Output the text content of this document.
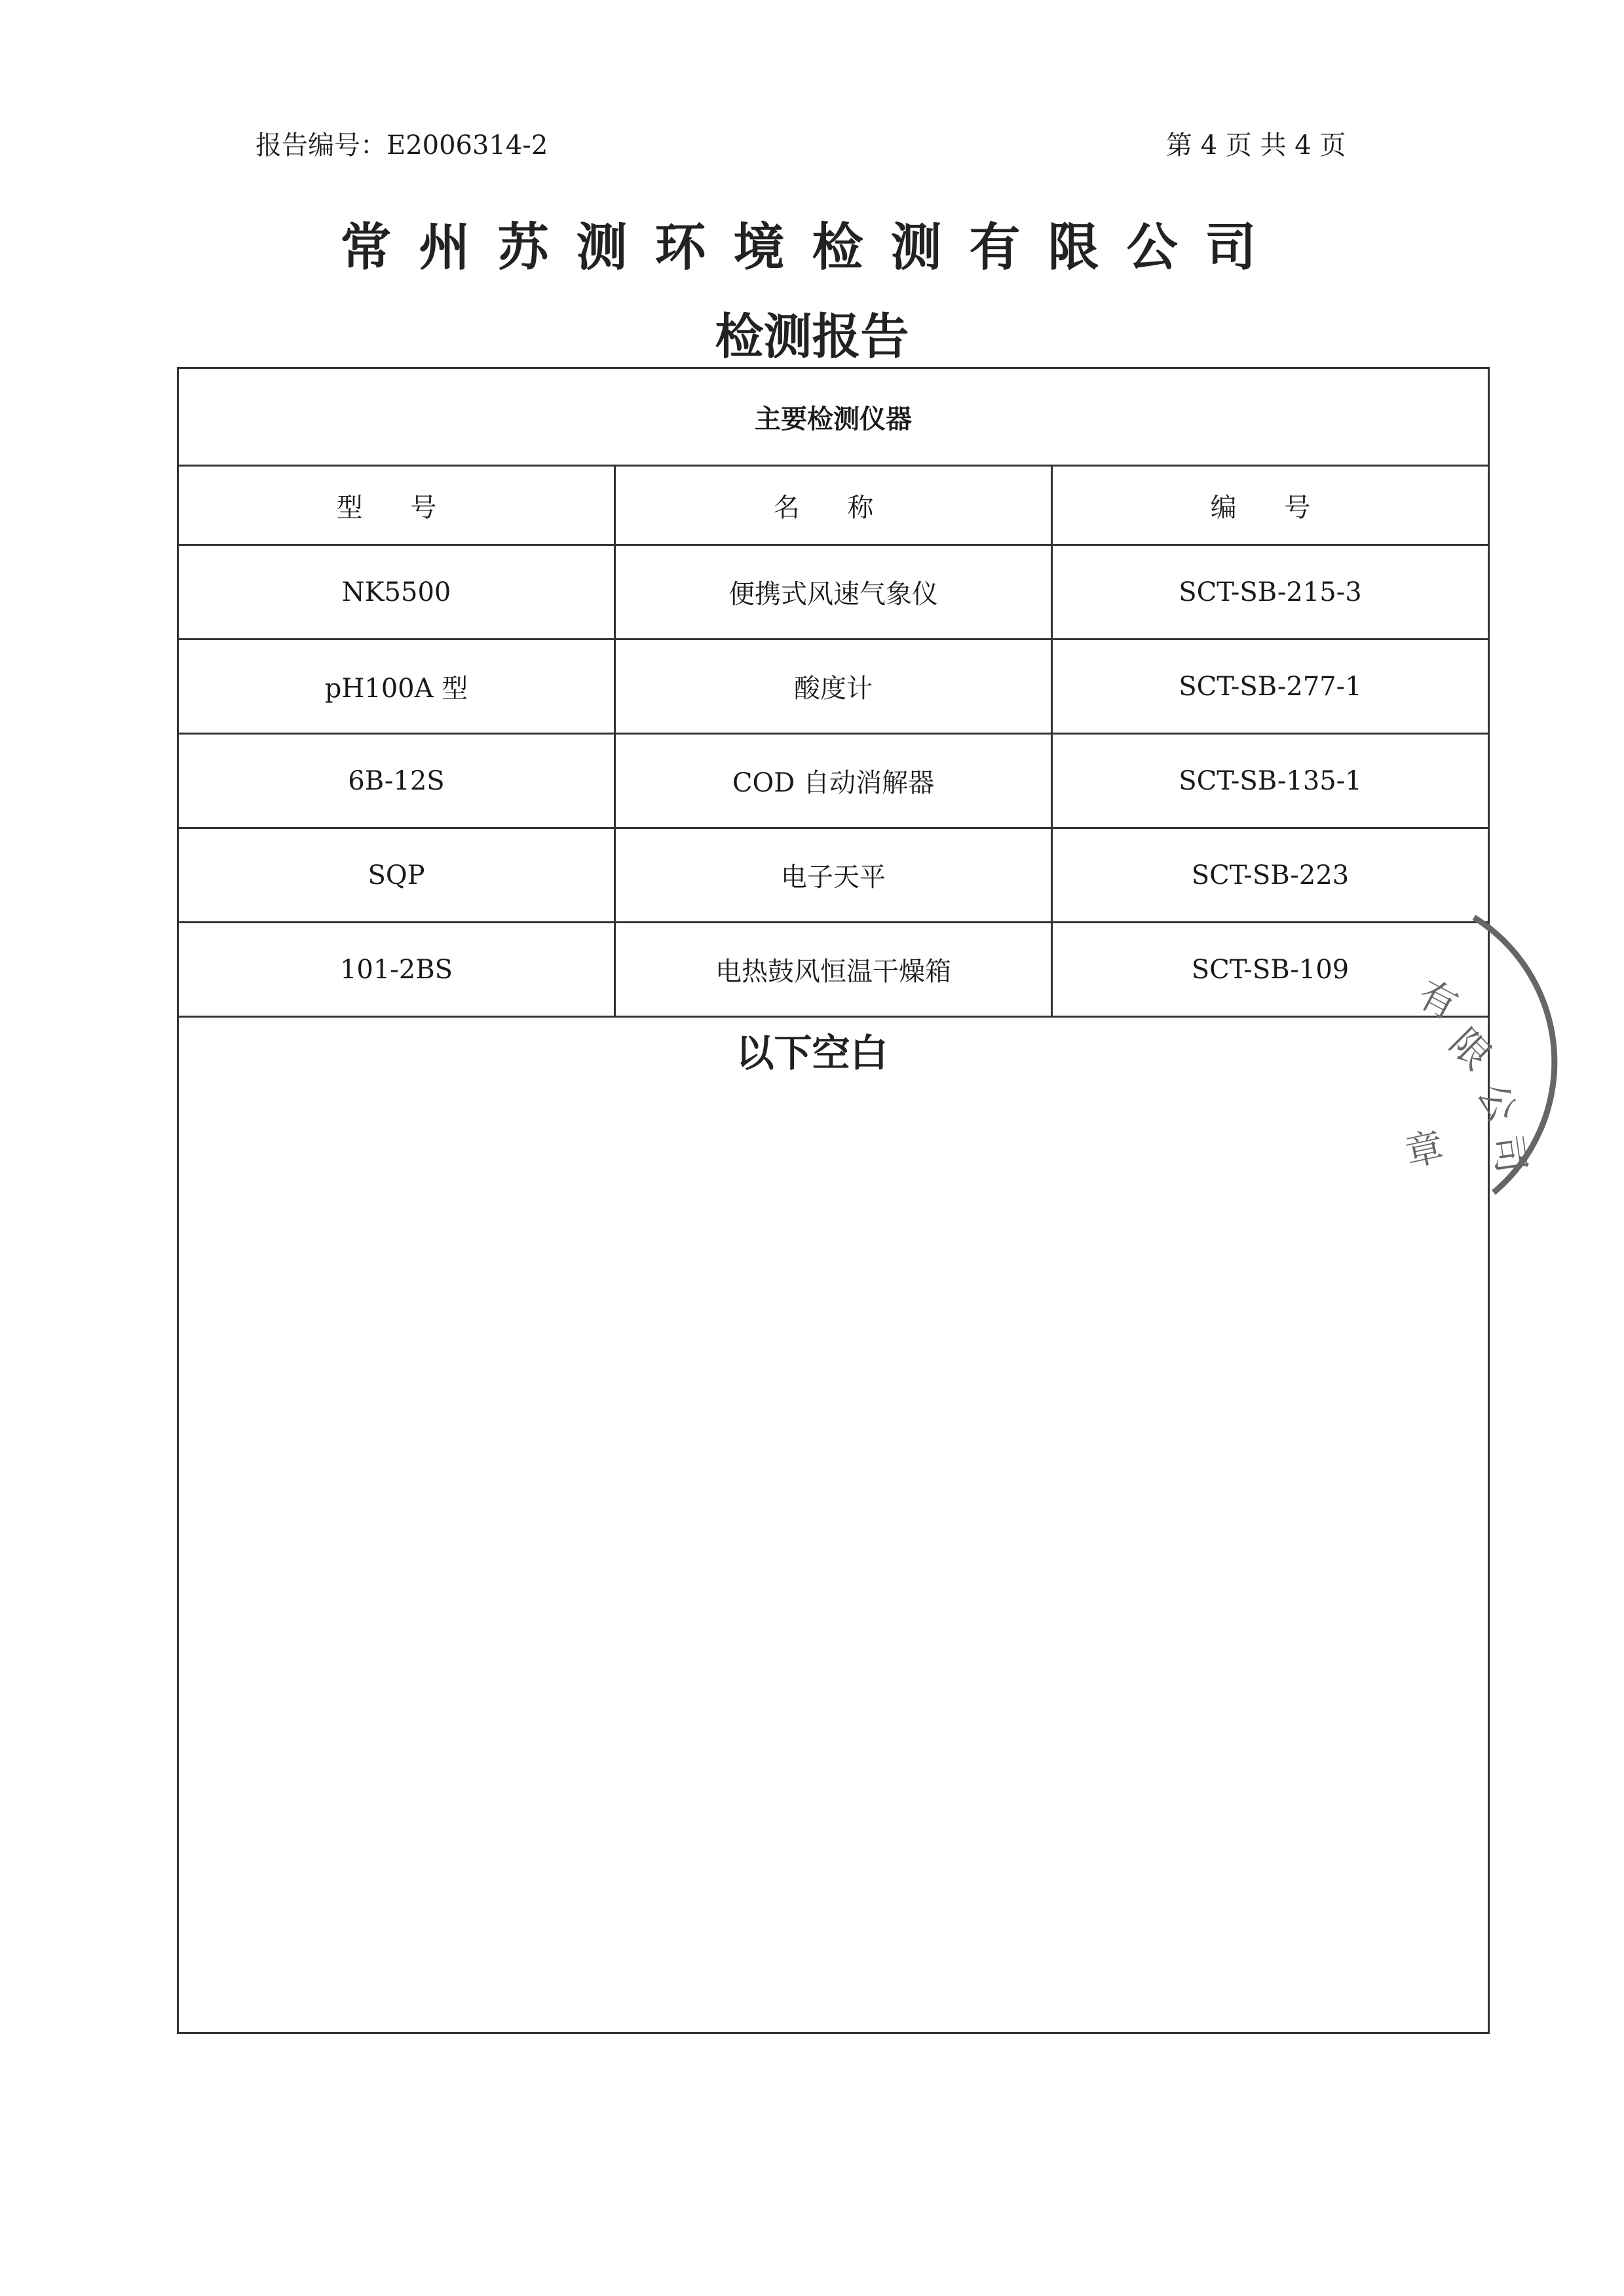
报告编号：E2006314-2	第 4 页 共 4 页
常州苏测环境检测有限公司
检测报告
主要检测仪器		
型 号	名 称	编 号
NK5500	便携式风速气象仪	SCT-SB-215-3
pH100A 型	酸度计	SCT-SB-277-1
6B-12S	COD 自动消解器	SCT-SB-135-1
SQP	电子天平	SCT-SB-223
101-2BS	电热鼓风恒温干燥箱	SCT-SB-109
以下空白
有
限
公
司
章
